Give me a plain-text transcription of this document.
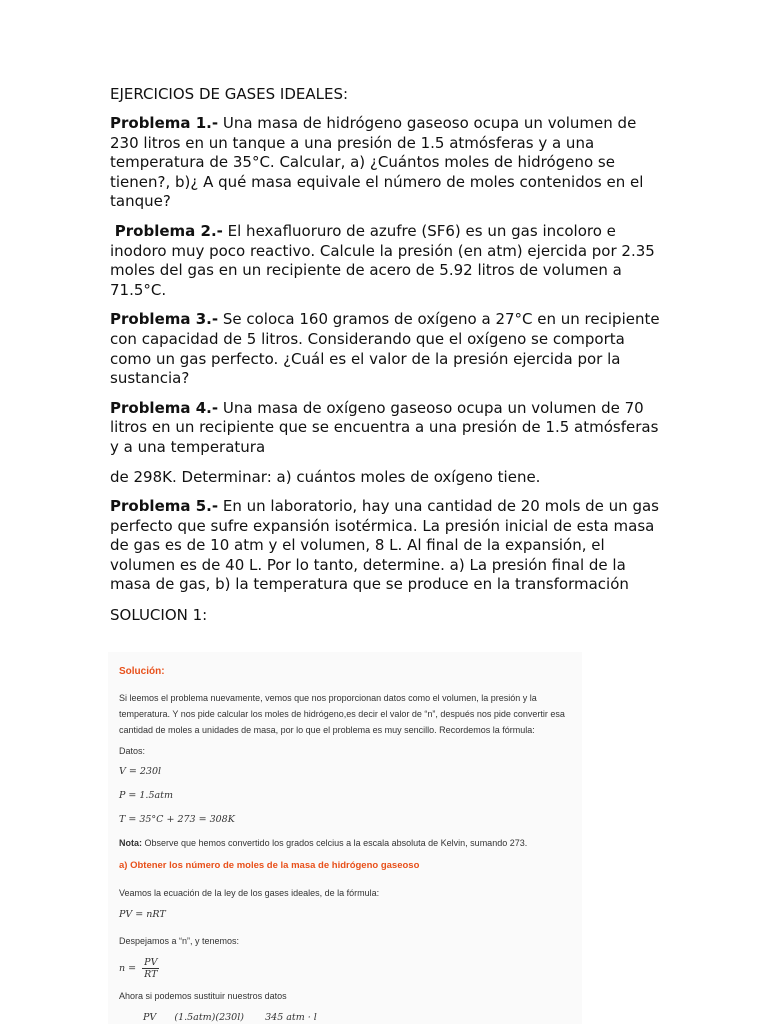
EJERCICIOS DE GASES IDEALES:

Problema 1.- Una masa de hidrógeno gaseoso ocupa un volumen de 230 litros en un tanque a una presión de 1.5 atmósferas y a una temperatura de 35°C. Calcular, a) ¿Cuántos moles de hidrógeno se tienen?, b)¿ A qué masa equivale el número de moles contenidos en el tanque?

Problema 2.- El hexafluoruro de azufre (SF6) es un gas incoloro e inodoro muy poco reactivo. Calcule la presión (en atm) ejercida por 2.35 moles del gas en un recipiente de acero de 5.92 litros de volumen a 71.5°C.

Problema 3.- Se coloca 160 gramos de oxígeno a 27°C en un recipiente con capacidad de 5 litros. Considerando que el oxígeno se comporta como un gas perfecto. ¿Cuál es el valor de la presión ejercida por la sustancia?

Problema 4.- Una masa de oxígeno gaseoso ocupa un volumen de 70 litros en un recipiente que se encuentra a una presión de 1.5 atmósferas y a una temperatura

de 298K. Determinar: a) cuántos moles de oxígeno tiene.

Problema 5.- En un laboratorio, hay una cantidad de 20 mols de un gas perfecto que sufre expansión isotérmica. La presión inicial de esta masa de gas es de 10 atm y el volumen, 8 L. Al final de la expansión, el volumen es de 40 L. Por lo tanto, determine. a) La presión final de la masa de gas, b) la temperatura que se produce en la transformación

SOLUCION 1:

Solución:
Si leemos el problema nuevamente, vemos que nos proporcionan datos como el volumen, la presión y la temperatura. Y nos pide calcular los moles de hidrógeno,es decir el valor de “n”, después nos pide convertir esa cantidad de moles a unidades de masa, por lo que el problema es muy sencillo. Recordemos la fórmula:
Datos:
V = 230l
P = 1.5atm
T = 35°C + 273 = 308K
Nota: Observe que hemos convertido los grados celcius a la escala absoluta de Kelvin, sumando 273.
a) Obtener los número de moles de la masa de hidrógeno gaseoso
Veamos la ecuación de la ley de los gases ideales, de la fórmula:
PV = nRT
Despejamos a “n”, y tenemos:
$n = \frac{PV}{RT}$
Ahora si podemos sustituir nuestros datos
PV      (1.5atm)(230l)       345 atm · l
